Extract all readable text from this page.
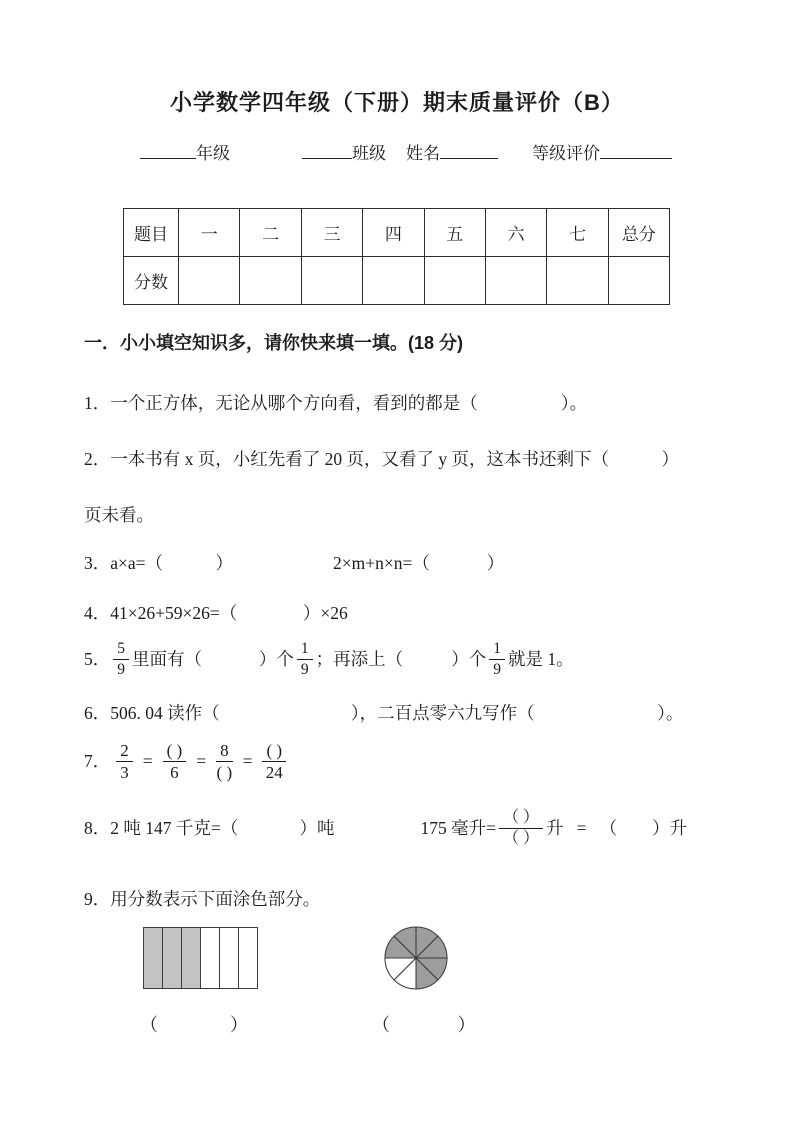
小学数学四年级（下册）期末质量评价（B）
年级	班级 姓名	等级评价
题目	一	二	三	四	五	六	七	总分
分数								
一．小小填空知识多，请你快来填一填。(18 分)
1．一个正方体，无论从哪个方向看，看到的都是（                   ）。
2．一本书有 x 页，小红先看了 20 页，又看了 y 页，这本书还剩下（            ）
页未看。
3．a×a=（            ）	2×m+n×n=（             ）
4．41×26+59×26=（               ）×26
5． $\frac{5}{9}$ 里面有（             ）个 $\frac{1}{9}$ ；再添上（           ）个 $\frac{1}{9}$ 就是 1。
6．506. 04 读作（                              ），二百点零六九写作（                            ）。
7． $\frac{2}{3} = \frac{( )}{6} = \frac{8}{( )} = \frac{( )}{24}$
8．2 吨 147 千克=（              ）吨	175 毫升= $\frac{( )}{( )}$ 升 = （        ）升
9．用分数表示下面涂色部分。
（                ）	（               ）
